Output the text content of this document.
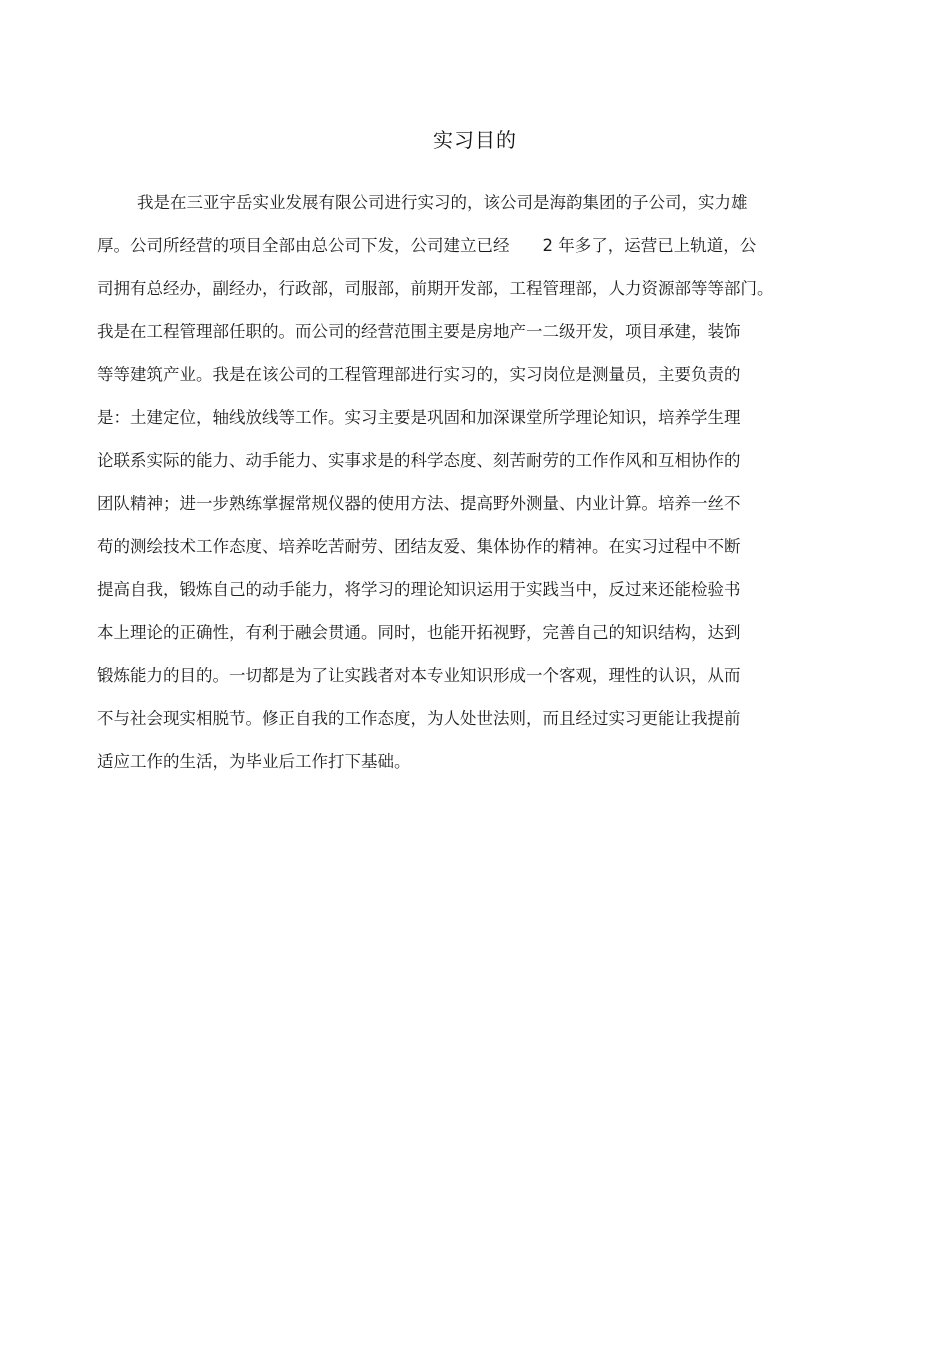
实习目的
我是在三亚宇岳实业发展有限公司进行实习的，该公司是海韵集团的子公司，实力雄
厚。公司所经营的项目全部由总公司下发，公司建立已经　　2 年多了，运营已上轨道，公
司拥有总经办，副经办，行政部，司服部，前期开发部，工程管理部，人力资源部等等部门。
我是在工程管理部任职的。而公司的经营范围主要是房地产一二级开发，项目承建，装饰
等等建筑产业。我是在该公司的工程管理部进行实习的，实习岗位是测量员，主要负责的
是：土建定位，轴线放线等工作。实习主要是巩固和加深课堂所学理论知识，培养学生理
论联系实际的能力、动手能力、实事求是的科学态度、刻苦耐劳的工作作风和互相协作的
团队精神；进一步熟练掌握常规仪器的使用方法、提高野外测量、内业计算。培养一丝不
苟的测绘技术工作态度、培养吃苦耐劳、团结友爱、集体协作的精神。在实习过程中不断
提高自我，锻炼自己的动手能力，将学习的理论知识运用于实践当中，反过来还能检验书
本上理论的正确性，有利于融会贯通。同时，也能开拓视野，完善自己的知识结构，达到
锻炼能力的目的。一切都是为了让实践者对本专业知识形成一个客观，理性的认识，从而
不与社会现实相脱节。修正自我的工作态度，为人处世法则，而且经过实习更能让我提前
适应工作的生活，为毕业后工作打下基础。
